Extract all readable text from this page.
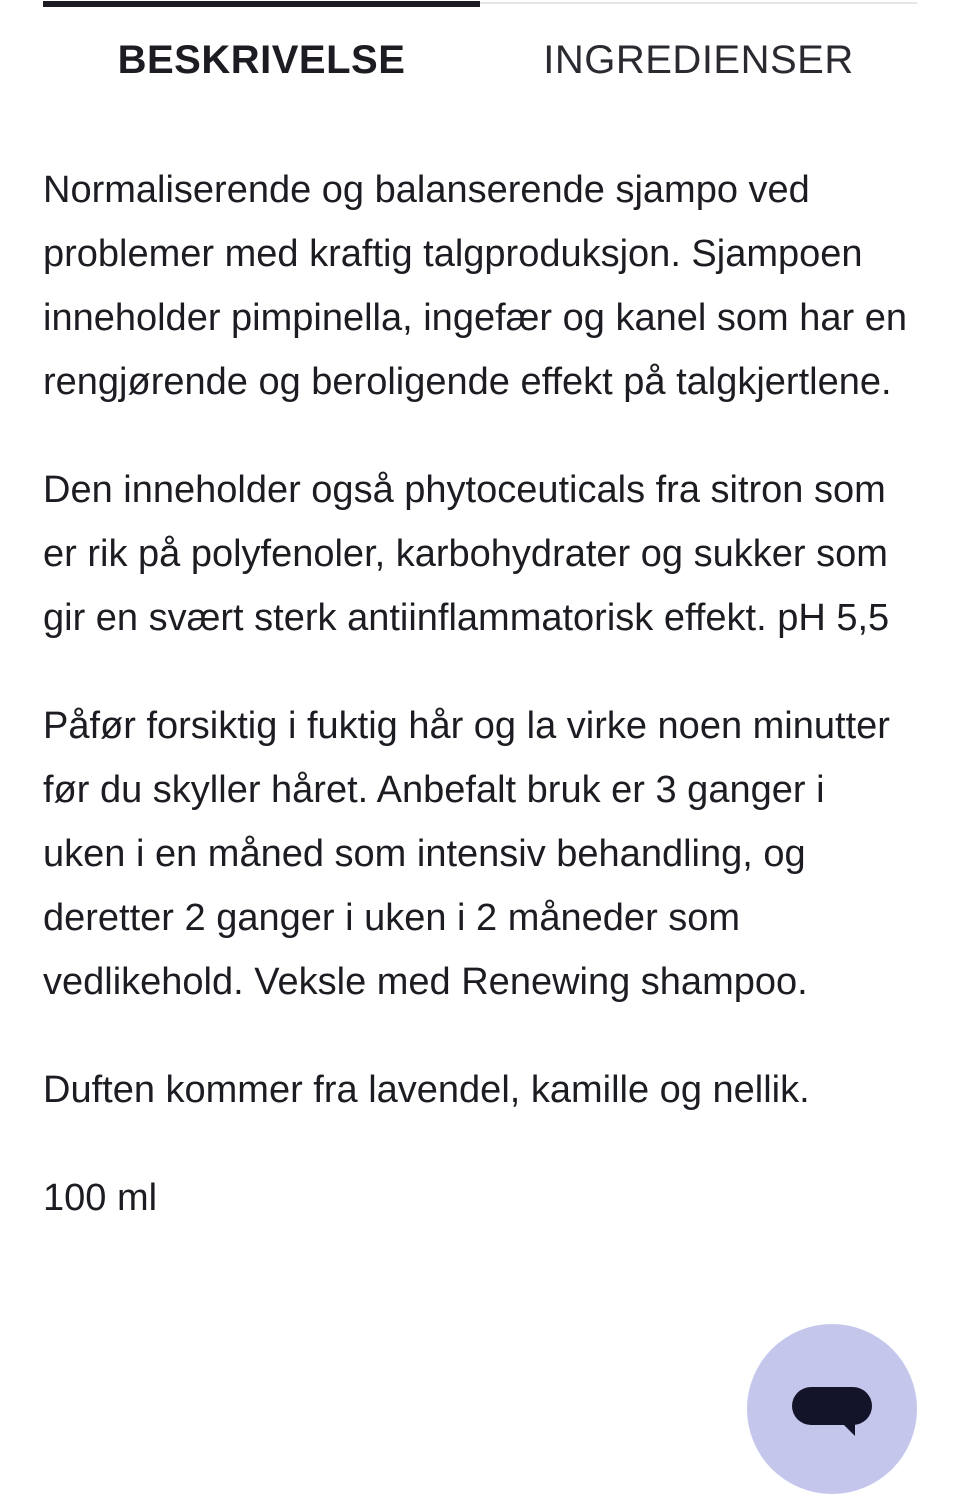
BESKRIVELSE	INGREDIENSER

Normaliserende og balanserende sjampo ved problemer med kraftig talgproduksjon. Sjampoen inneholder pimpinella, ingefær og kanel som har en rengjørende og beroligende effekt på talgkjertlene.

Den inneholder også phytoceuticals fra sitron som er rik på polyfenoler, karbohydrater og sukker som gir en svært sterk antiinflammatorisk effekt. pH 5,5

Påfør forsiktig i fuktig hår og la virke noen minutter før du skyller håret. Anbefalt bruk er 3 ganger i uken i en måned som intensiv behandling, og deretter 2 ganger i uken i 2 måneder som vedlikehold. Veksle med Renewing shampoo.

Duften kommer fra lavendel, kamille og nellik.

100 ml
